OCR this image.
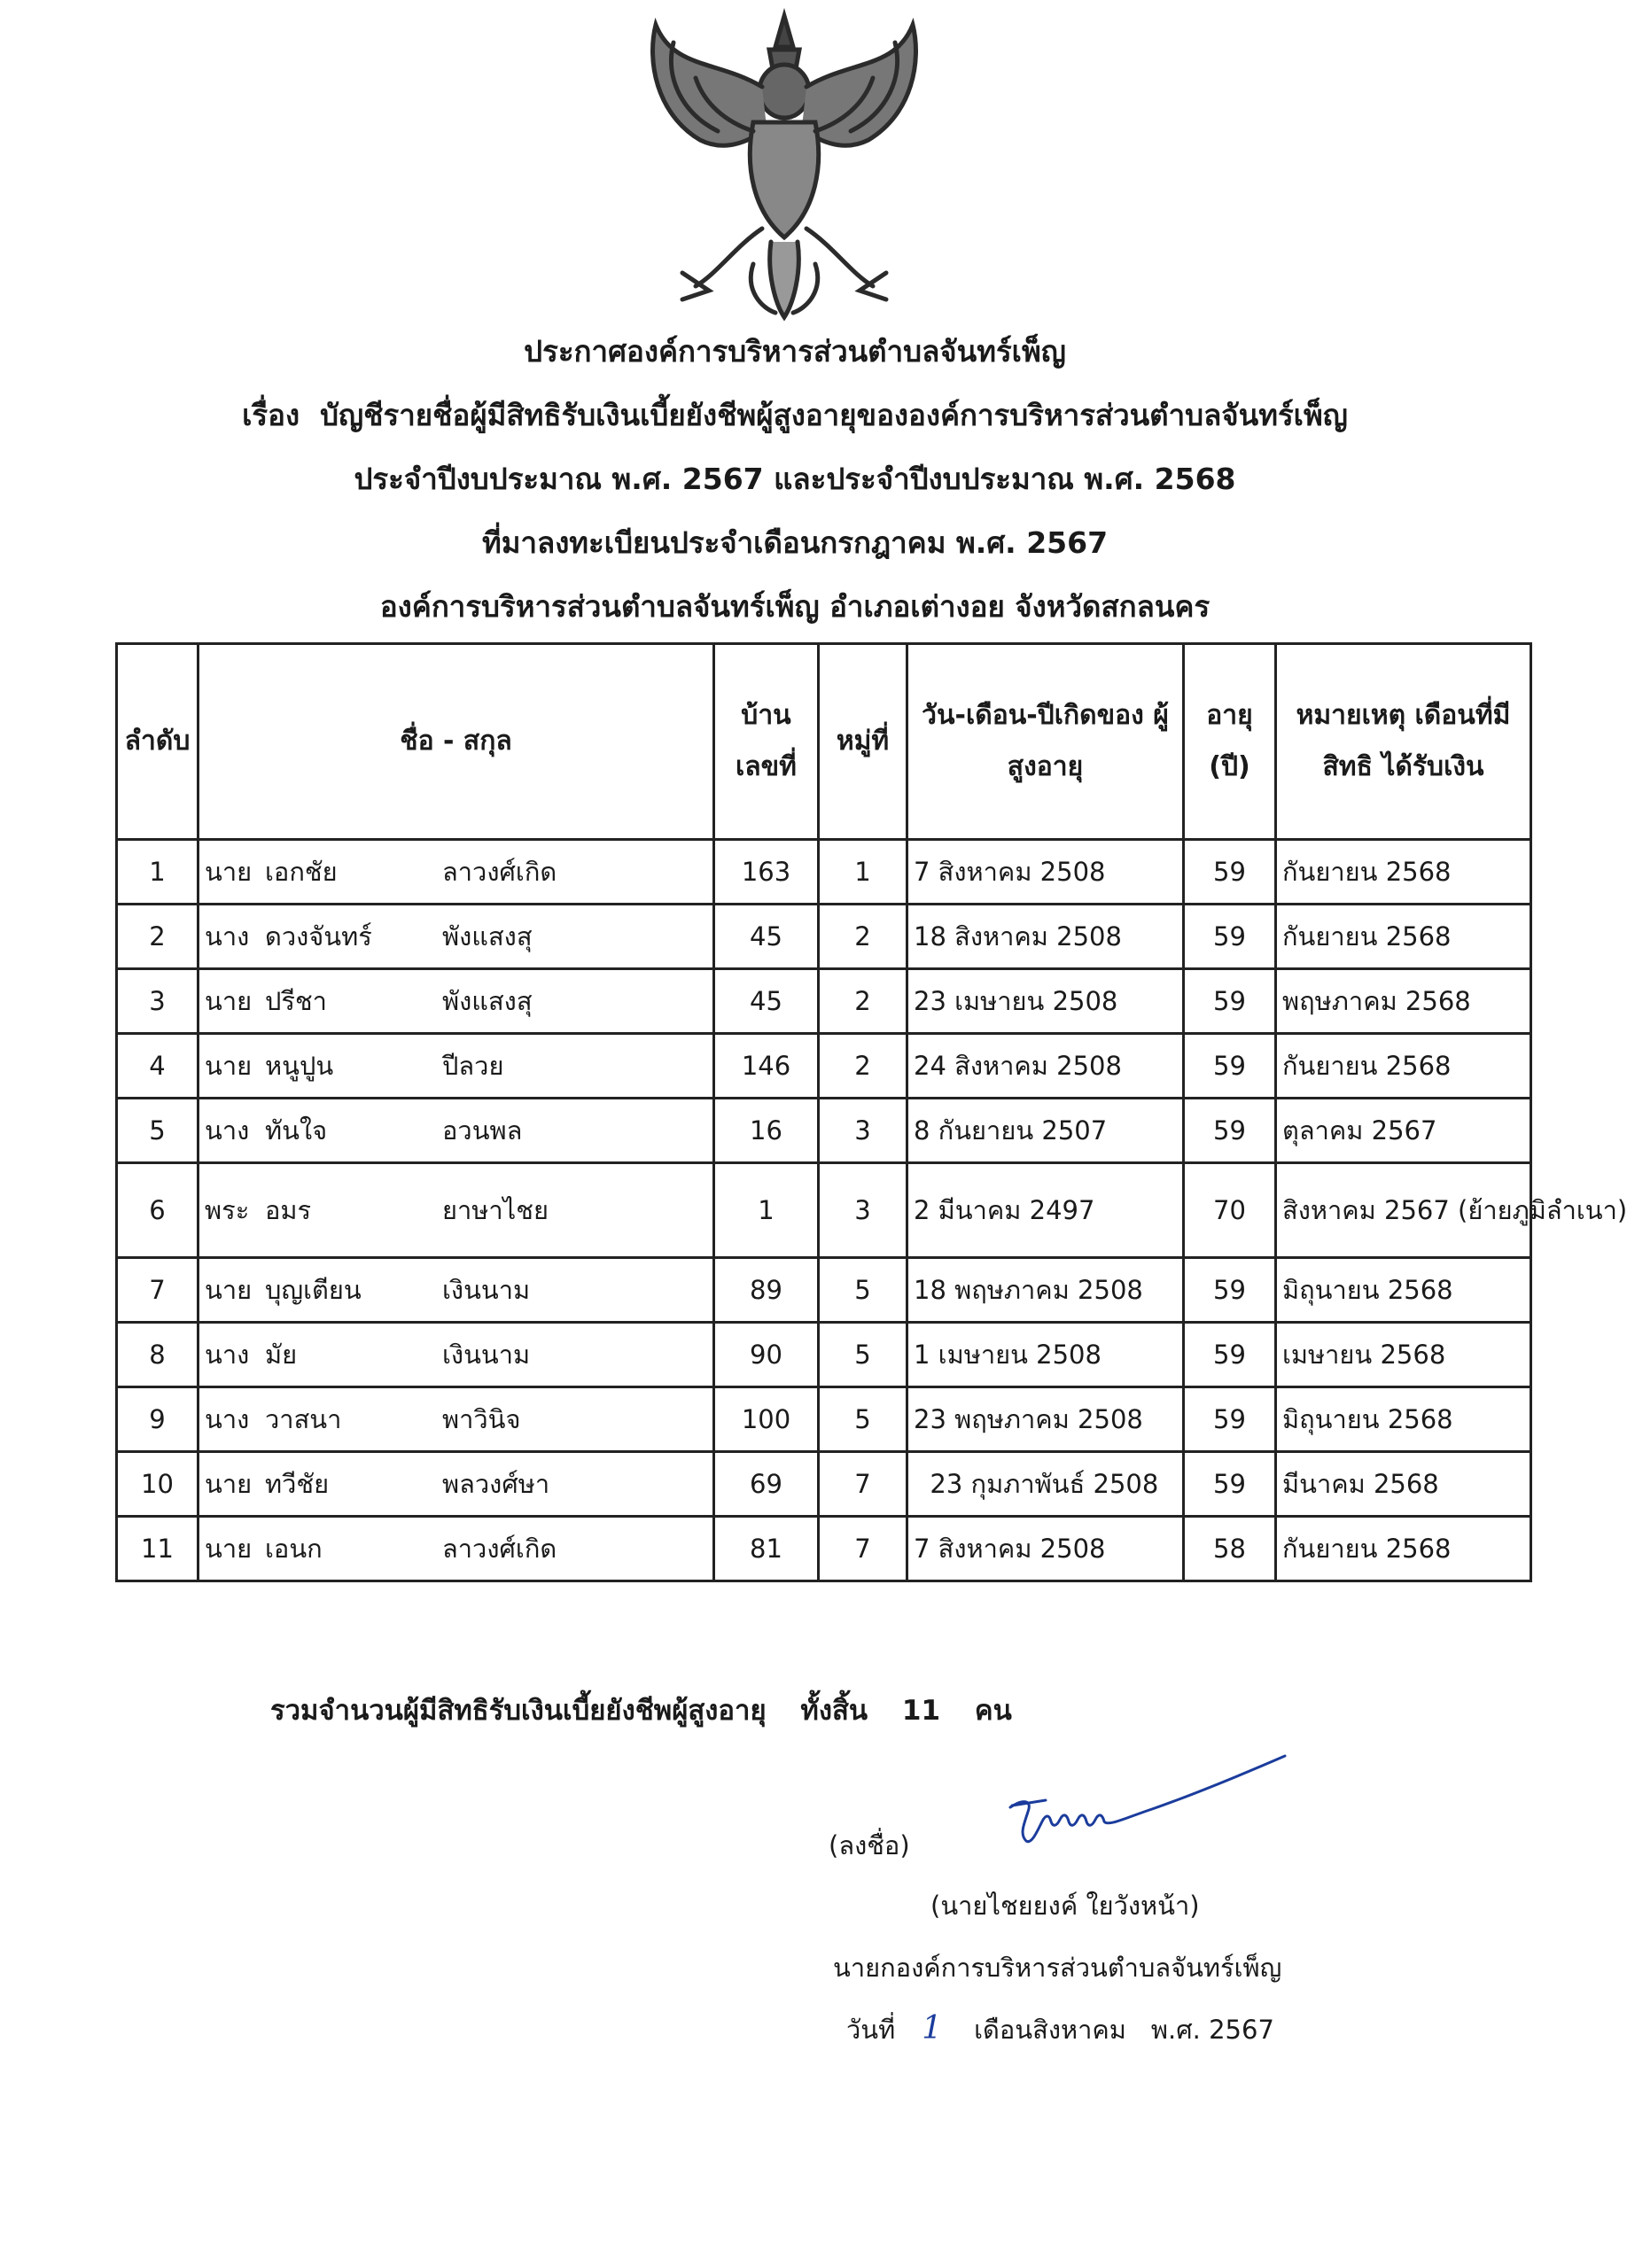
ประกาศองค์การบริหารส่วนตำบลจันทร์เพ็ญ
เรื่อง บัญชีรายชื่อผู้มีสิทธิรับเงินเบี้ยยังชีพผู้สูงอายุขององค์การบริหารส่วนตำบลจันทร์เพ็ญ
ประจำปีงบประมาณ พ.ศ. 2567 และประจำปีงบประมาณ พ.ศ. 2568
ที่มาลงทะเบียนประจำเดือนกรกฎาคม พ.ศ. 2567
องค์การบริหารส่วนตำบลจันทร์เพ็ญ อำเภอเต่างอย จังหวัดสกลนคร
ลำดับ	ชื่อ - สกุล	บ้าน เลขที่	หมู่ที่	วัน-เดือน-ปีเกิดของ ผู้สูงอายุ	อายุ (ปี)	หมายเหตุ เดือนที่มีสิทธิ ได้รับเงิน
1	นาย เอกชัย ลาวงศ์เกิด	163	1	7 สิงหาคม 2508	59	กันยายน 2568
2	นาง ดวงจันทร์ พังแสงสุ	45	2	18 สิงหาคม 2508	59	กันยายน 2568
3	นาย ปรีชา พังแสงสุ	45	2	23 เมษายน 2508	59	พฤษภาคม 2568
4	นาย หนูปูน ปีลวย	146	2	24 สิงหาคม 2508	59	กันยายน 2568
5	นาง ทันใจ อวนพล	16	3	8 กันยายน 2507	59	ตุลาคม 2567
6	พระ อมร ยาษาไชย	1	3	2 มีนาคม 2497	70	สิงหาคม 2567 (ย้ายภูมิลำเนา)
7	นาย บุญเตียน เงินนาม	89	5	18 พฤษภาคม 2508	59	มิถุนายน 2568
8	นาง มัย เงินนาม	90	5	1 เมษายน 2508	59	เมษายน 2568
9	นาง วาสนา พาวินิจ	100	5	23 พฤษภาคม 2508	59	มิถุนายน 2568
10	นาย ทวีชัย พลวงศ์ษา	69	7	23 กุมภาพันธ์ 2508	59	มีนาคม 2568
11	นาย เอนก ลาวงศ์เกิด	81	7	7 สิงหาคม 2508	58	กันยายน 2568
รวมจำนวนผู้มีสิทธิรับเงินเบี้ยยังชีพผู้สูงอายุ ทั้งสิ้น 11 คน
(ลงชื่อ)
(นายไชยยงค์ ใยวังหน้า)
นายกองค์การบริหารส่วนตำบลจันทร์เพ็ญ
วันที่ 1 เดือนสิงหาคม พ.ศ. 2567
